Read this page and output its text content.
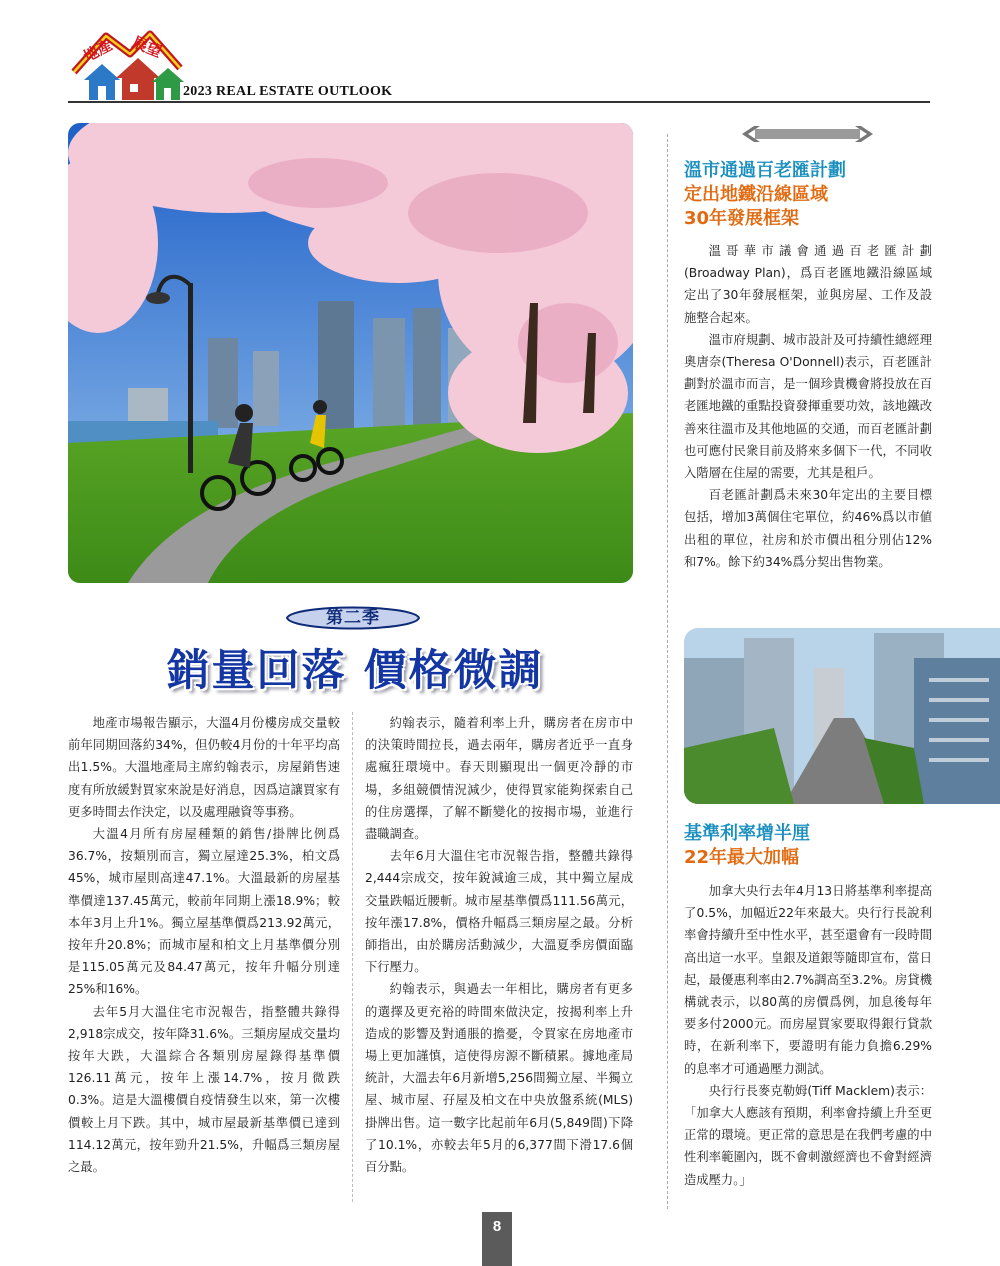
地產 展望
2023 REAL ESTATE OUTLOOK
第二季
銷量回落 價格微調

地產市場報告顯示，大溫4月份樓房成交量較前年同期回落約34%，但仍較4月份的十年平均高出1.5%。大溫地產局主席約翰表示，房屋銷售速度有所放緩對買家來說是好消息，因爲這讓買家有更多時間去作決定，以及處理融資等事務。

大溫4月所有房屋種類的銷售/掛牌比例爲36.7%，按類別而言，獨立屋達25.3%，柏文爲45%，城市屋則高達47.1%。大溫最新的房屋基準價達137.45萬元，較前年同期上漲18.9%；較本年3月上升1%。獨立屋基準價爲213.92萬元，按年升20.8%；而城市屋和柏文上月基準價分別是115.05萬元及84.47萬元，按年升幅分別達25%和16%。

去年5月大溫住宅市況報告，指整體共錄得2,918宗成交，按年降31.6%。三類房屋成交量均按年大跌，大溫綜合各類別房屋錄得基準價126.11萬元，按年上漲14.7%，按月微跌0.3%。這是大溫樓價自疫情發生以來，第一次樓價較上月下跌。其中，城市屋最新基準價已達到114.12萬元，按年勁升21.5%，升幅爲三類房屋之最。

約翰表示，隨着利率上升，購房者在房市中的決策時間拉長，過去兩年，購房者近乎一直身處瘋狂環境中。春天則顯現出一個更冷靜的市場，多組競價情況減少，使得買家能夠探索自己的住房選擇，了解不斷變化的按揭市場，並進行盡職調查。

去年6月大溫住宅市況報告指，整體共錄得2,444宗成交，按年銳減逾三成，其中獨立屋成交量跌幅近腰斬。城市屋基準價爲111.56萬元，按年漲17.8%，價格升幅爲三類房屋之最。分析師指出，由於購房活動減少，大溫夏季房價面臨下行壓力。

約翰表示，與過去一年相比，購房者有更多的選擇及更充裕的時間來做決定，按揭利率上升造成的影響及對通脹的擔憂，令買家在房地產市場上更加謹慎，這使得房源不斷積累。據地產局統計，大溫去年6月新增5,256間獨立屋、半獨立屋、城市屋、孖屋及柏文在中央放盤系統(MLS)掛牌出售。這一數字比起前年6月(5,849間)下降了10.1%，亦較去年5月的6,377間下滑17.6個百分點。

溫市通過百老匯計劃
定出地鐵沿線區域
30年發展框架

溫哥華市議會通過百老匯計劃(Broadway Plan)，爲百老匯地鐵沿線區域定出了30年發展框架，並與房屋、工作及設施整合起來。

溫市府規劃、城市設計及可持續性總經理奧唐奈(Theresa O'Donnell)表示，百老匯計劃對於溫市而言，是一個珍貴機會將投放在百老匯地鐵的重點投資發揮重要功效，該地鐵改善來往溫市及其他地區的交通，而百老匯計劃也可應付民衆目前及將來多個下一代，不同收入階層在住屋的需要，尤其是租戶。

百老匯計劃爲未來30年定出的主要目標包括，增加3萬個住宅單位，約46%爲以市値出租的單位，社房和於市價出租分別佔12%和7%。餘下約34%爲分契出售物業。

基準利率增半厘
22年最大加幅

加拿大央行去年4月13日將基準利率提高了0.5%，加幅近22年來最大。央行行長說利率會持續升至中性水平，甚至還會有一段時間高出這一水平。皇銀及道銀等隨即宣布，當日起，最優惠利率由2.7%調高至3.2%。房貸機構就表示，以80萬的房價爲例，加息後每年要多付2000元。而房屋買家要取得銀行貸款時，在新利率下，要證明有能力負擔6.29%的息率才可通過壓力測試。

央行行長麥克勒姆(Tiff Macklem)表示：「加拿大人應該有預期，利率會持續上升至更正常的環境。更正常的意思是在我們考慮的中性利率範圍內，既不會刺激經濟也不會對經濟造成壓力。」

8
